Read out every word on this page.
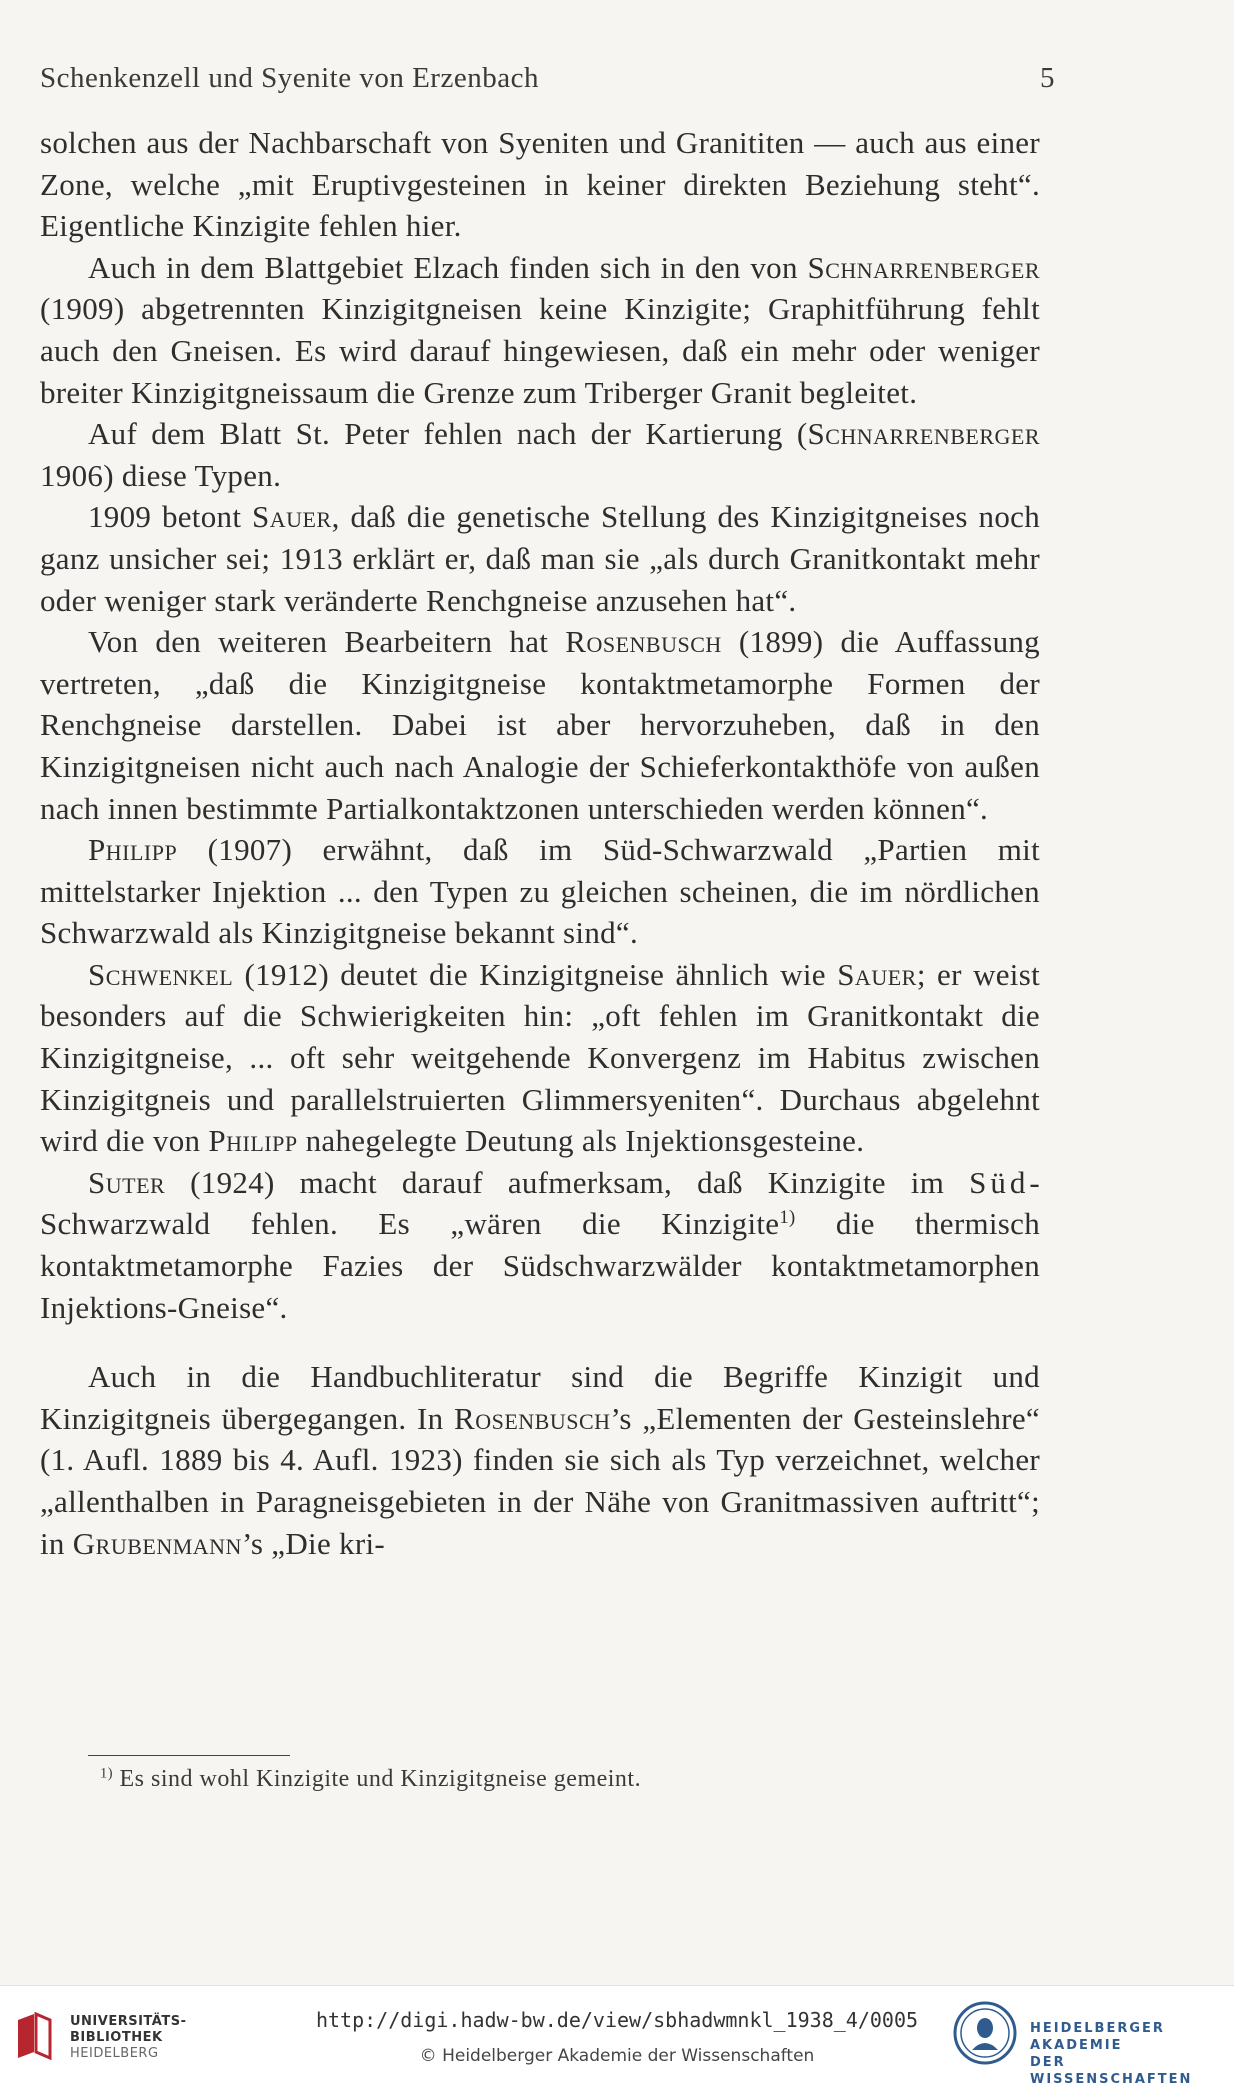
Schenkenzell und Syenite von Erzenbach	5

solchen aus der Nachbarschaft von Syeniten und Granititen — auch aus einer Zone, welche „mit Eruptivgesteinen in keiner direkten Beziehung steht“. Eigentliche Kinzigite fehlen hier.

Auch in dem Blattgebiet Elzach finden sich in den von Schnarrenberger (1909) abgetrennten Kinzigitgneisen keine Kinzigite; Graphitführung fehlt auch den Gneisen. Es wird darauf hingewiesen, daß ein mehr oder weniger breiter Kinzigitgneissaum die Grenze zum Triberger Granit begleitet.

Auf dem Blatt St. Peter fehlen nach der Kartierung (Schnarrenberger 1906) diese Typen.

1909 betont Sauer, daß die genetische Stellung des Kinzigitgneises noch ganz unsicher sei; 1913 erklärt er, daß man sie „als durch Granitkontakt mehr oder weniger stark veränderte Renchgneise anzusehen hat“.

Von den weiteren Bearbeitern hat Rosenbusch (1899) die Auffassung vertreten, „daß die Kinzigitgneise kontaktmetamorphe Formen der Renchgneise darstellen. Dabei ist aber hervorzuheben, daß in den Kinzigitgneisen nicht auch nach Analogie der Schieferkontakthöfe von außen nach innen bestimmte Partialkontaktzonen unterschieden werden können“.

Philipp (1907) erwähnt, daß im Süd-Schwarzwald „Partien mit mittelstarker Injektion ... den Typen zu gleichen scheinen, die im nördlichen Schwarzwald als Kinzigitgneise bekannt sind“.

Schwenkel (1912) deutet die Kinzigitgneise ähnlich wie Sauer; er weist besonders auf die Schwierigkeiten hin: „oft fehlen im Granitkontakt die Kinzigitgneise, ... oft sehr weitgehende Konvergenz im Habitus zwischen Kinzigitgneis und parallelstruierten Glimmersyeniten“. Durchaus abgelehnt wird die von Philipp nahegelegte Deutung als Injektionsgesteine.

Suter (1924) macht darauf aufmerksam, daß Kinzigite im Süd-Schwarzwald fehlen. Es „wären die Kinzigite$^{1)}$ die thermisch kontaktmetamorphe Fazies der Südschwarzwälder kontaktmetamorphen Injektions-Gneise“.

Auch in die Handbuchliteratur sind die Begriffe Kinzigit und Kinzigitgneis übergegangen. In Rosenbusch’s „Elementen der Gesteinslehre“ (1. Aufl. 1889 bis 4. Aufl. 1923) finden sie sich als Typ verzeichnet, welcher „allenthalben in Paragneisgebieten in der Nähe von Granitmassiven auftritt“; in Grubenmann’s „Die kri-

$^{1)}$ Es sind wohl Kinzigite und Kinzigitgneise gemeint.
UNIVERSITÄTS-
BIBLIOTHEK
HEIDELBERG
http://digi.hadw-bw.de/view/sbhadwmnkl_1938_4/0005
© Heidelberger Akademie der Wissenschaften
HEIDELBERGER AKADEMIE
DER WISSENSCHAFTEN
